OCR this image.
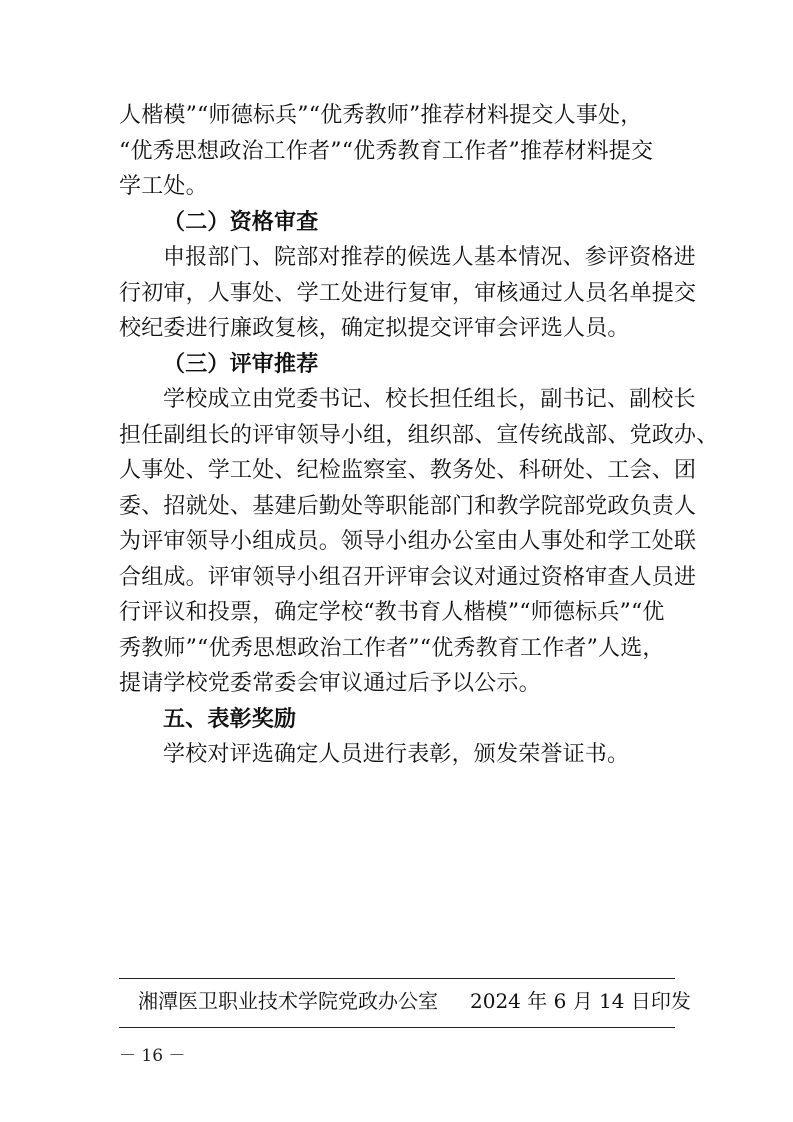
人楷模”“师德标兵”“优秀教师”推荐材料提交人事处，
“优秀思想政治工作者”“优秀教育工作者”推荐材料提交
学工处。
（二）资格审查
申报部门、院部对推荐的候选人基本情况、参评资格进
行初审，人事处、学工处进行复审，审核通过人员名单提交
校纪委进行廉政复核，确定拟提交评审会评选人员。
（三）评审推荐
学校成立由党委书记、校长担任组长，副书记、副校长
担任副组长的评审领导小组，组织部、宣传统战部、党政办、
人事处、学工处、纪检监察室、教务处、科研处、工会、团
委、招就处、基建后勤处等职能部门和教学院部党政负责人
为评审领导小组成员。领导小组办公室由人事处和学工处联
合组成。评审领导小组召开评审会议对通过资格审查人员进
行评议和投票，确定学校“教书育人楷模”“师德标兵”“优
秀教师”“优秀思想政治工作者”“优秀教育工作者”人选，
提请学校党委常委会审议通过后予以公示。
五、表彰奖励
学校对评选确定人员进行表彰，颁发荣誉证书。
湘潭医卫职业技术学院党政办公室 2024 年 6 月 14 日印发
－ 16 －
